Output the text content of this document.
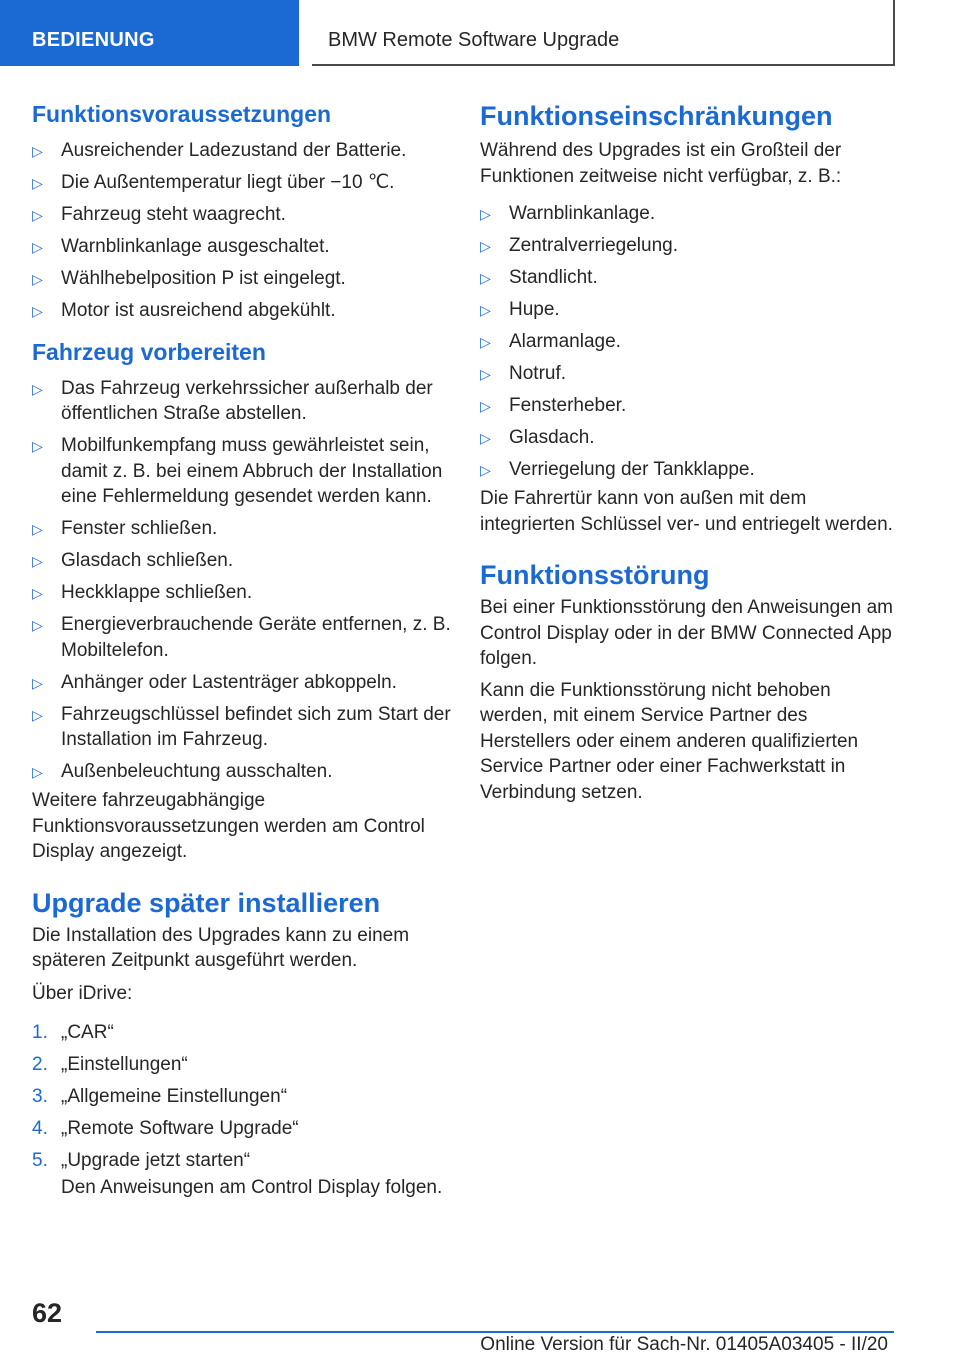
BEDIENUNG	BMW Remote Software Upgrade
Funktionsvoraussetzungen
▷ Ausreichender Ladezustand der Batterie.
▷ Die Außentemperatur liegt über −10 ℃.
▷ Fahrzeug steht waagrecht.
▷ Warnblinkanlage ausgeschaltet.
▷ Wählhebelposition P ist eingelegt.
▷ Motor ist ausreichend abgekühlt.
Fahrzeug vorbereiten
▷ Das Fahrzeug verkehrssicher außerhalb der öffentlichen Straße abstellen.
▷ Mobilfunkempfang muss gewährleistet sein, damit z. B. bei einem Abbruch der Installation eine Fehlermeldung gesendet werden kann.
▷ Fenster schließen.
▷ Glasdach schließen.
▷ Heckklappe schließen.
▷ Energieverbrauchende Geräte entfernen, z. B. Mobiltelefon.
▷ Anhänger oder Lastenträger abkoppeln.
▷ Fahrzeugschlüssel befindet sich zum Start der Installation im Fahrzeug.
▷ Außenbeleuchtung ausschalten.

Weitere fahrzeugabhängige Funktionsvoraussetzungen werden am Control Display angezeigt.

Upgrade später installieren

Die Installation des Upgrades kann zu einem späteren Zeitpunkt ausgeführt werden.

Über iDrive:

1. „CAR“
2. „Einstellungen“
3. „Allgemeine Einstellungen“
4. „Remote Software Upgrade“
5. „Upgrade jetzt starten“

Den Anweisungen am Control Display folgen.

Funktionseinschränkungen

Während des Upgrades ist ein Großteil der Funktionen zeitweise nicht verfügbar, z. B.:

▷ Warnblinkanlage.
▷ Zentralverriegelung.
▷ Standlicht.
▷ Hupe.
▷ Alarmanlage.
▷ Notruf.
▷ Fensterheber.
▷ Glasdach.
▷ Verriegelung der Tankklappe.

Die Fahrertür kann von außen mit dem integrierten Schlüssel ver- und entriegelt werden.

Funktionsstörung

Bei einer Funktionsstörung den Anweisungen am Control Display oder in der BMW Connected App folgen.

Kann die Funktionsstörung nicht behoben werden, mit einem Service Partner des Herstellers oder einem anderen qualifizierten Service Partner oder einer Fachwerkstatt in Verbindung setzen.

62
Online Version für Sach-Nr. 01405A03405 - II/20
